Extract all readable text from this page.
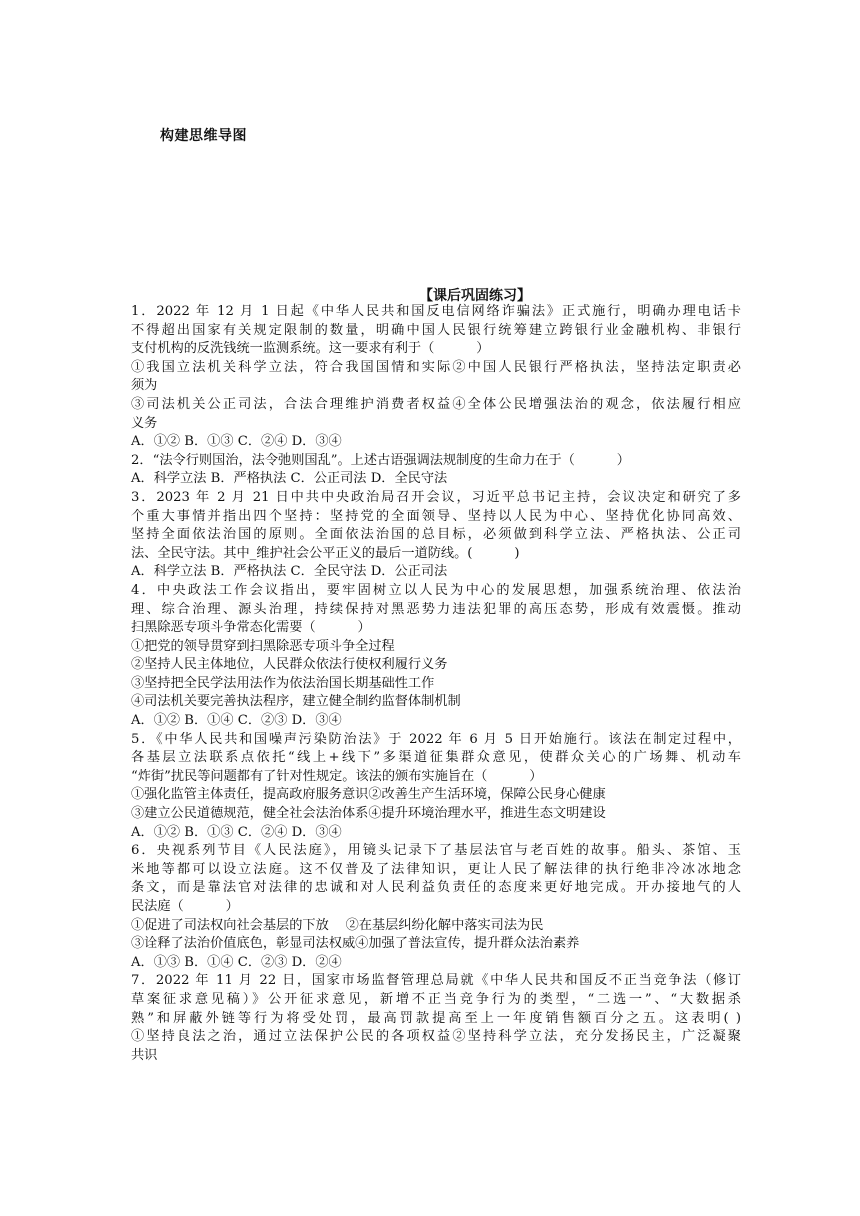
构建思维导图
【课后巩固练习】
1．2022 年 12 月 1 日起《中华人民共和国反电信网络诈骗法》正式施行，明确办理电话卡
不得超出国家有关规定限制的数量，明确中国人民银行统筹建立跨银行业金融机构、非银行
支付机构的反洗钱统一监测系统。这一要求有利于（          ）
①我国立法机关科学立法，符合我国国情和实际②中国人民银行严格执法，坚持法定职责必
须为
③司法机关公正司法，合法合理维护消费者权益④全体公民增强法治的观念，依法履行相应
义务
A．①② B．①③ C．②④ D．③④
2．“法令行则国治，法令弛则国乱”。上述古语强调法规制度的生命力在于（          ）
A．科学立法 B．严格执法 C．公正司法 D．全民守法
3．2023 年 2 月 21 日中共中央政治局召开会议，习近平总书记主持，会议决定和研究了多
个重大事情并指出四个坚持：坚持党的全面领导、坚持以人民为中心、坚持优化协同高效、
坚持全面依法治国的原则。全面依法治国的总目标，必须做到科学立法、严格执法、公正司
法、全民守法。其中_维护社会公平正义的最后一道防线。(          )
A．科学立法 B．严格执法 C．全民守法 D．公正司法
4．中央政法工作会议指出，要牢固树立以人民为中心的发展思想，加强系统治理、依法治
理、综合治理、源头治理，持续保持对黑恶势力违法犯罪的高压态势，形成有效震慑。推动
扫黑除恶专项斗争常态化需要（          ）
①把党的领导贯穿到扫黑除恶专项斗争全过程
②坚持人民主体地位，人民群众依法行使权利履行义务
③坚持把全民学法用法作为依法治国长期基础性工作
④司法机关要完善执法程序，建立健全制约监督体制机制
A．①② B．①④ C．②③ D．③④
5．《中华人民共和国噪声污染防治法》于 2022 年 6 月 5 日开始施行。该法在制定过程中，
各基层立法联系点依托“线上+线下”多渠道征集群众意见，使群众关心的广场舞、机动车
“炸街”扰民等问题都有了针对性规定。该法的颁布实施旨在（          ）
①强化监管主体责任，提高政府服务意识②改善生产生活环境，保障公民身心健康
③建立公民道德规范，健全社会法治体系④提升环境治理水平，推进生态文明建设
A．①② B．①③ C．②④ D．③④
6．央视系列节目《人民法庭》，用镜头记录下了基层法官与老百姓的故事。船头、茶馆、玉
米地等都可以设立法庭。这不仅普及了法律知识，更让人民了解法律的执行绝非冷冰冰地念
条文，而是靠法官对法律的忠诚和对人民利益负责任的态度来更好地完成。开办接地气的人
民法庭（          ）
①促进了司法权向社会基层的下放    ②在基层纠纷化解中落实司法为民
③诠释了法治价值底色，彰显司法权威④加强了普法宣传，提升群众法治素养
A．①③ B．①④ C．②③ D．②④
7．2022 年 11 月 22 日，国家市场监督管理总局就《中华人民共和国反不正当竞争法（修订
草案征求意见稿）》公开征求意见，新增不正当竞争行为的类型，“二选一”、“大数据杀
熟”和屏蔽外链等行为将受处罚，最高罚款提高至上一年度销售额百分之五。这表明( )
①坚持良法之治，通过立法保护公民的各项权益②坚持科学立法，充分发扬民主，广泛凝聚
共识
